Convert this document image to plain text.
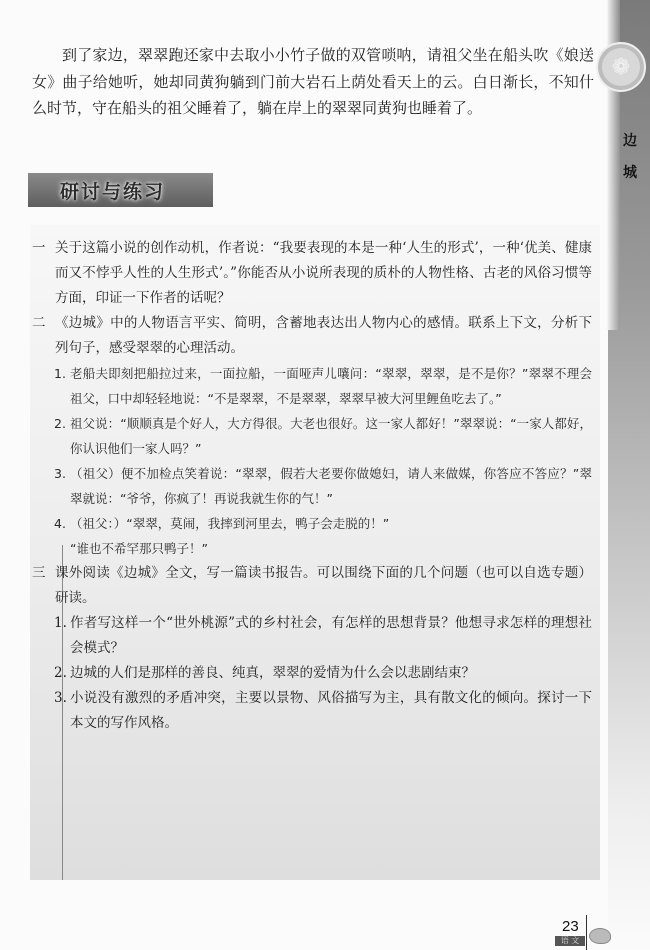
❁
边
城

到了家边，翠翠跑还家中去取小小竹子做的双管唢呐，请祖父坐在船头吹《娘送女》曲子给她听，她却同黄狗躺到门前大岩石上荫处看天上的云。白日渐长，不知什么时节，守在船头的祖父睡着了，躺在岸上的翠翠同黄狗也睡着了。

研讨与练习
一 关于这篇小说的创作动机，作者说：“我要表现的本是一种‘人生的形式’，一种‘优美、健康而又不悖乎人性的人生形式’。”你能否从小说所表现的质朴的人物性格、古老的风俗习惯等方面，印证一下作者的话呢？
二 《边城》中的人物语言平实、简明，含蓄地表达出人物内心的感情。联系上下文，分析下列句子，感受翠翠的心理活动。
1. 老船夫即刻把船拉过来，一面拉船，一面哑声儿嚷问：“翠翠，翠翠，是不是你？”翠翠不理会祖父，口中却轻轻地说：“不是翠翠，不是翠翠，翠翠早被大河里鲤鱼吃去了。”
2. 祖父说：“顺顺真是个好人，大方得很。大老也很好。这一家人都好！”翠翠说：“一家人都好，你认识他们一家人吗？”
3. （祖父）便不加检点笑着说：“翠翠，假若大老要你做媳妇，请人来做媒，你答应不答应？”翠翠就说：“爷爷，你疯了！再说我就生你的气！”
4. （祖父：）“翠翠，莫闹，我摔到河里去，鸭子会走脱的！”
“谁也不希罕那只鸭子！”
三 课外阅读《边城》全文，写一篇读书报告。可以围绕下面的几个问题（也可以自选专题）研读。
1. 作者写这样一个“世外桃源”式的乡村社会，有怎样的思想背景？他想寻求怎样的理想社会模式？
2. 边城的人们是那样的善良、纯真，翠翠的爱情为什么会以悲剧结束？
3. 小说没有激烈的矛盾冲突，主要以景物、风俗描写为主，具有散文化的倾向。探讨一下本文的写作风格。
23
语 文
